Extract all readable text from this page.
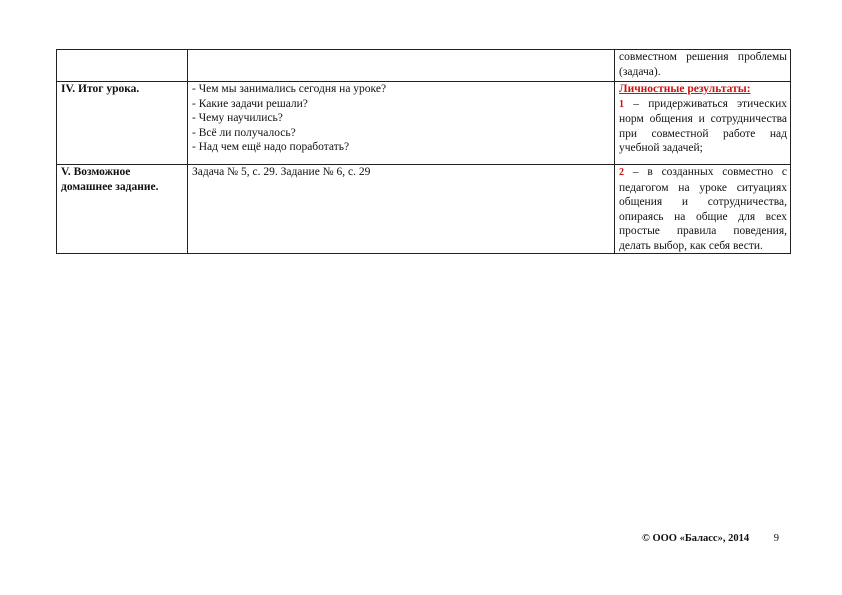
		совместном решения проблемы (задача).
IV. Итог урока.	- Чем мы занимались сегодня на уроке?
- Какие задачи решали?
- Чему научились?
- Всё ли получалось?
- Над чем ещё надо поработать?	Личностные результаты:
1 – придерживаться этических норм общения и сотрудничества при совместной работе над учебной задачей;

V. Возможное
домашнее задание.	Задача № 5, с. 29. Задание № 6, с. 29	2 – в созданных совместно с педагогом на уроке ситуациях общения и сотрудничества, опираясь на общие для всех простые правила поведения, делать выбор, как себя вести.
© ООО «Баласс», 2014 9
